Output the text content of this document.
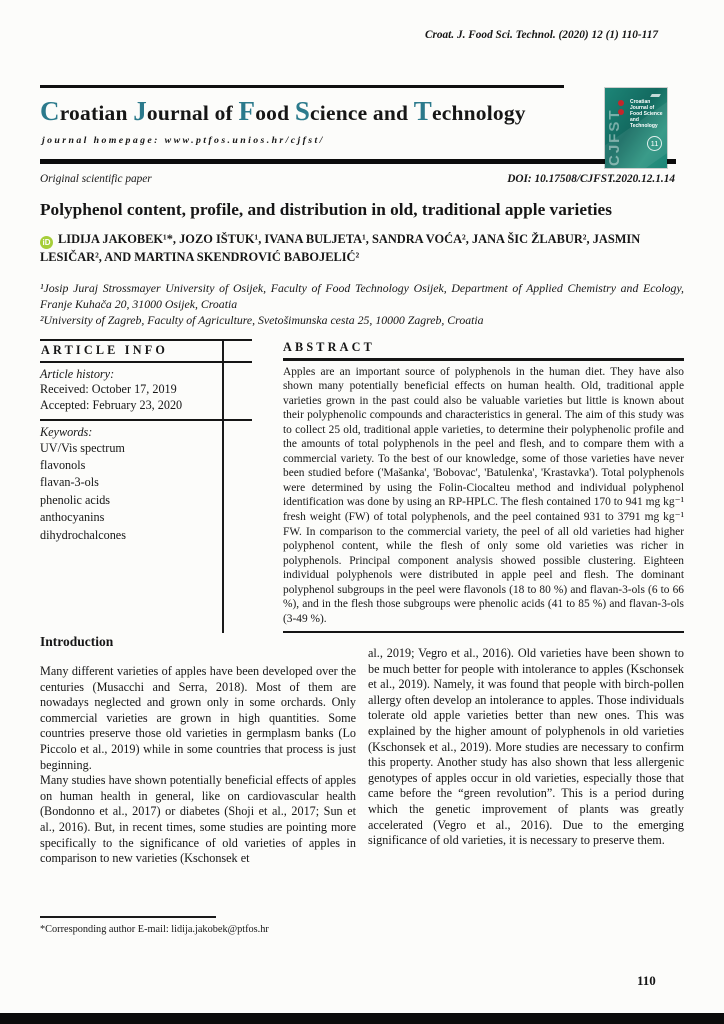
Croat. J. Food Sci. Technol. (2020) 12 (1) 110-117
Croatian Journal of Food Science and Technology
journal homepage: www.ptfos.unios.hr/cjfst/
Croatian Journal of Food Science and Technology
CJFST	11
Original scientific paper	DOI: 10.17508/CJFST.2020.12.1.14
Polyphenol content, profile, and distribution in old, traditional apple varieties
iD LIDIJA JAKOBEK¹*, JOZO IŠTUK¹, IVANA BULJETA¹, SANDRA VOĆA², JANA ŠIC ŽLABUR², JASMIN LESIČAR², AND MARTINA SKENDROVIĆ BABOJELIĆ²

¹Josip Juraj Strossmayer University of Osijek, Faculty of Food Technology Osijek, Department of Applied Chemistry and Ecology, Franje Kuhača 20, 31000 Osijek, Croatia

²University of Zagreb, Faculty of Agriculture, Svetošimunska cesta 25, 10000 Zagreb, Croatia

ARTICLE INFO
Article history:
Received: October 17, 2019
Accepted: February 23, 2020
Keywords:
UV/Vis spectrum
flavonols
flavan-3-ols
phenolic acids
anthocyanins
dihydrochalcones
ABSTRACT
Apples are an important source of polyphenols in the human diet. They have also shown many potentially beneficial effects on human health. Old, traditional apple varieties grown in the past could also be valuable varieties but little is known about their polyphenolic compounds and characteristics in general. The aim of this study was to collect 25 old, traditional apple varieties, to determine their polyphenolic profile and the amounts of total polyphenols in the peel and flesh, and to compare them with a commercial variety. To the best of our knowledge, some of those varieties have never been studied before ('Mašanka', 'Bobovac', 'Batulenka', 'Krastavka'). Total polyphenols were determined by using the Folin-Ciocalteu method and individual polyphenol identification was done by using an RP-HPLC. The flesh contained 170 to 941 mg kg⁻¹ fresh weight (FW) of total polyphenols, and the peel contained 931 to 3791 mg kg⁻¹ FW. In comparison to the commercial variety, the peel of all old varieties had higher polyphenol content, while the flesh of only some old varieties was richer in polyphenols. Principal component analysis showed possible clustering. Eighteen individual polyphenols were distributed in apple peel and flesh. The dominant polyphenol subgroups in the peel were flavonols (18 to 80 %) and flavan-3-ols (6 to 66 %), and in the flesh those subgroups were phenolic acids (41 to 85 %) and flavan-3-ols (3-49 %).
Introduction

Many different varieties of apples have been developed over the centuries (Musacchi and Serra, 2018). Most of them are nowadays neglected and grown only in some orchards. Only commercial varieties are grown in high quantities. Some countries preserve those old varieties in germplasm banks (Lo Piccolo et al., 2019) while in some countries that process is just beginning.

Many studies have shown potentially beneficial effects of apples on human health in general, like on cardiovascular health (Bondonno et al., 2017) or diabetes (Shoji et al., 2017; Sun et al., 2016). But, in recent times, some studies are pointing more specifically to the significance of old varieties of apples in comparison to new varieties (Kschonsek et

al., 2019; Vegro et al., 2016). Old varieties have been shown to be much better for people with intolerance to apples (Kschonsek et al., 2019). Namely, it was found that people with birch-pollen allergy often develop an intolerance to apples. Those individuals tolerate old apple varieties better than new ones. This was explained by the higher amount of polyphenols in old varieties (Kschonsek et al., 2019). More studies are necessary to confirm this property. Another study has also shown that less allergenic genotypes of apples occur in old varieties, especially those that came before the “green revolution”. This is a period during which the genetic improvement of plants was greatly accelerated (Vegro et al., 2016). Due to the emerging significance of old varieties, it is necessary to preserve them.

*Corresponding author E-mail: lidija.jakobek@ptfos.hr
110
